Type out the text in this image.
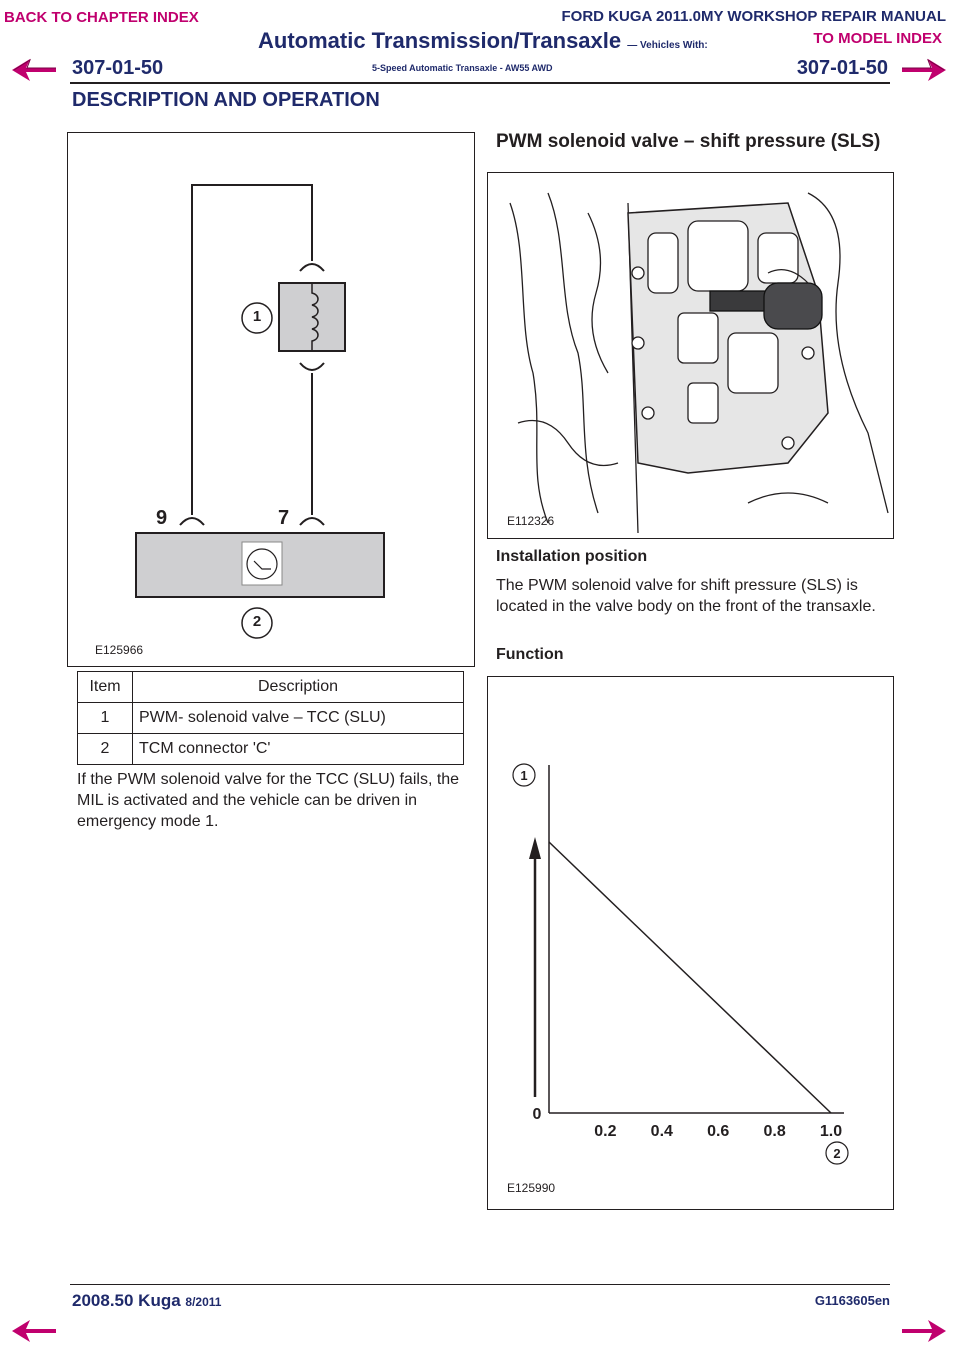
BACK TO CHAPTER INDEX	FORD KUGA 2011.0MY WORKSHOP REPAIR MANUAL
TO MODEL INDEX
Automatic Transmission/Transaxle — Vehicles With:
5-Speed Automatic Transaxle - AW55 AWD
307-01-50	307-01-50
DESCRIPTION AND OPERATION
1
2
9	7
E125966
Item	Description
1	PWM- solenoid valve – TCC (SLU)
2	TCM connector 'C'
If the PWM solenoid valve for the TCC (SLU) fails, the MIL is activated and the vehicle can be driven in emergency mode 1.
PWM solenoid valve – shift pressure (SLS)
E112326
Installation position
The PWM solenoid valve for shift pressure (SLS) is located in the valve body on the front of the transaxle.
Function
0
0.2 0.4 0.6 0.8 1.0
1
2
E125990
2008.50 Kuga 8/2011	G1163605en
